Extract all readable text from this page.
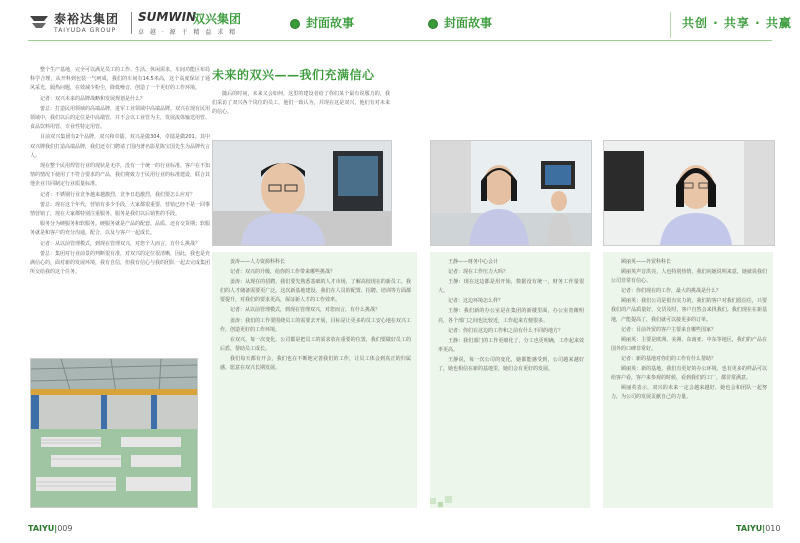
泰裕达集团
TAIYUDA GROUP
SUMWIN
双兴集团
卓 越 · 源 于 精 益 求 精
封面故事

整个生产基地，完全可以满足员工的工作、生活、休闲需求。车间功能区布局科学合理，从开料到包装一气呵成，我们的车间有14.5米高，这个高度保证了通风采光，隔热问题，在效减少粉尘，降低噪音，创造了一个更好的工作环境。

记者：双兴未来的品牌战略和发展规划是什么？

蕾总：打造民用领域的高端品牌，进军工业领域中高端品牌。双兴在现有民用领域中，我们以后的定位是中高端管，并不会以工业管为主，发展流体输送用管、食品饮料用管、专业性特定用管。

目前双兴集团有2个品牌，双兴和卓镭，双兴是做304，卓镭是做201。其中双兴牌我们打造高端品牌，我们还专门聘请了国内著名影星陈宝国先生为品牌代言人。

现在整个民用焊管行业的现状是无序，没有一个统一的行业标准，客户在不知情的情况下使用了不符合要求的产品，我们将致力于民用行业的标准建设，联合其他企业共同制定行业质量标准。

记者：不锈钢行业竞争越来越激烈，竞争日趋激烈，我们要怎么应对？

蕾总：现在这个年代，营销有多少手段，大家都很重要，营销已经不是一回事情营销了，现在大家都特别注重服务。服务是我们以后销售的手段。

服务分为硬服务和软服务。硬服务就是产品的配套、品质、还有交货期；软服务就是和客户的充分沟通，配合，以及与客户一起成长。

记者：从以前管理模式，到现在管理双兴，对您个人而言，有什么挑战？

蕾总：集团对行业前景的判断很有准，对双兴的定位很清晰，因此，我也是充满信心的，面对新的发展环境，我有自信，但我有信心与我的团队一起去完成集团所交给我的这个任务。

TAIYU|009
封面故事	共创 · 共享 · 共赢
未来的双兴——我们充满信心

随后的时间，未来又会如何，这里的建设者给了你们某个最有说服力的，我们采访了双兴各个岗位的员工，他们一致认为，并现在这是双兴，他们有对未来的信心。

姜涛——人力资源科科长

记者：双兴的升级，给你的工作带来哪些挑战？

姜涛：从现在的招聘，我们要先熟悉基础的人才市场，了解高校现在的新员工，我们的人才储备需要更广泛。这次新基地建设，我们在人员的配置、招聘、培训等方面都要提升，对我们的要求更高，保证新人才的工作效率。

记者：从以前管理模式，到现在管理双兴，对您而言，有什么挑战？

姜涛：我们的工作要围绕员工的需要去开展，目标是让更多的员工安心地在双兴工作，创造更好的工作环境。

在双兴，每一次变化，公司都是把员工的需求放在重要的位置，我们要做好员工的后盾，帮助员工成长。

我们每天都有开会，我们也在不断地完善我们的工作，让员工体会到真正的归属感，愿意在双兴长期发展。

王静——财务中心会计

记者：现在工作压力大吗？

王静：现在这边都是用开始，数据没有统一，财务工作量很大。

记者：这边环境怎么样？

王静：我们新的办公室是在集团的新楼里面，办公室宽敞明亮，各个部门之间也比较近，工作起来方便很多。

记者：你们在这边的工作和之前有什么不同的地方？

王静：我们部门的工作更细化了，分工也更明确，工作起来效率更高。

王静说，每一次公司的变化，她都能感受到，公司越来越好了，她也相信在新的基地里，她们会有更好的发展。

顾丽英——外贸科科长

顾丽英声音洪亮，人也特别热情，我们向她说明来意，她就说我们公司非常有信心。

记者：你们现在的工作，最大的挑战是什么？

顾丽英：我们公司是很有实力的，我们的客户对我们很信任，只要我们的产品质量好，交货及时，客户自然会来找我们。我们现在在新基地，产能提高了，我们就可以接更多的订单。

记者：目前外贸的客户主要来自哪些国家？

顾丽英：主要是欧洲、美洲、东南亚、中东等地区，我们的产品在国外的口碑非常好。

记者：新的基地对你们的工作有什么帮助？

顾丽英：新的基地，我们有更好的办公环境，也有更多的样品可以给客户看，客户来参观的时候，看到我们的工厂，都非常满意。

顾丽英表示，双兴的未来一定会越来越好，她也会和团队一起努力，为公司的发展贡献自己的力量。

TAIYU|010
